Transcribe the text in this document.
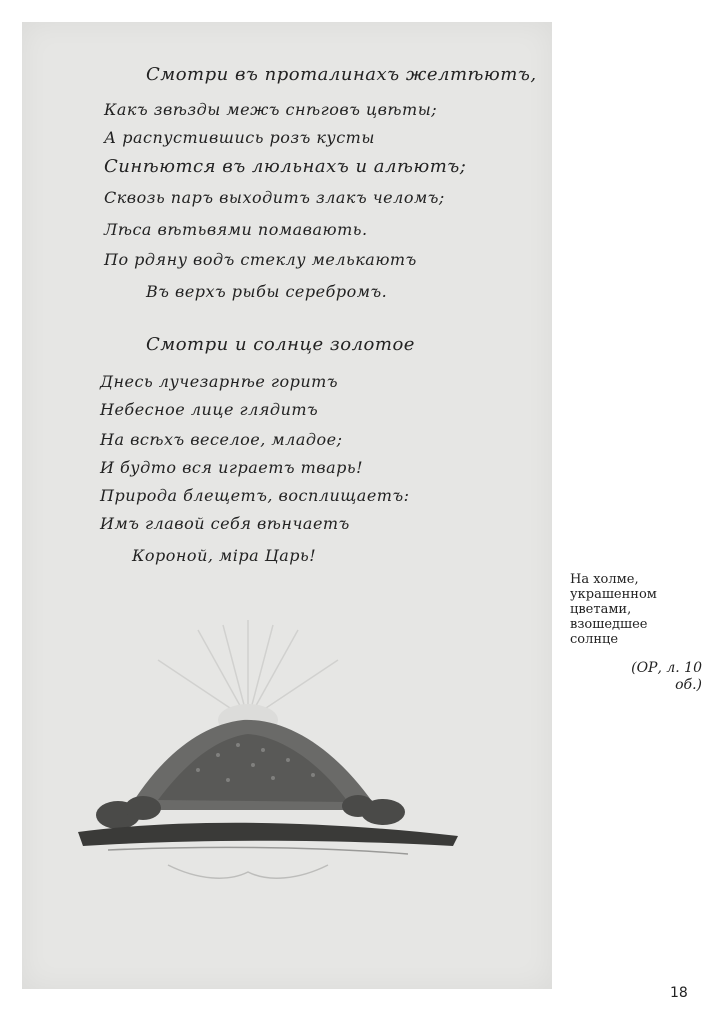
Смотри въ проталинахъ желтѣютъ,
Какъ звѣзды межъ снѣговъ цвѣты;
А распустившись розъ кусты
Синѣются въ люльнахъ и алѣютъ;
Сквозь паръ выходитъ злакъ челомъ;
Лѣса вѣтьвями помавають.
По рдяну водъ стеклу мелькаютъ
Въ верхъ рыбы серебромъ.
Смотри и солнце золотое
Днесь лучезарнѣе горитъ
Небесное лице глядитъ
На всѣхъ веселое, младое;
И будто вся играетъ тварь!
Природа блещетъ, восплищаетъ:
Имъ главой себя вѣнчаетъ
Короной, міра Царь!
На холме,
украшенном
цветами,
взошедшее
солнце
(ОР, л. 10
об.)
18
